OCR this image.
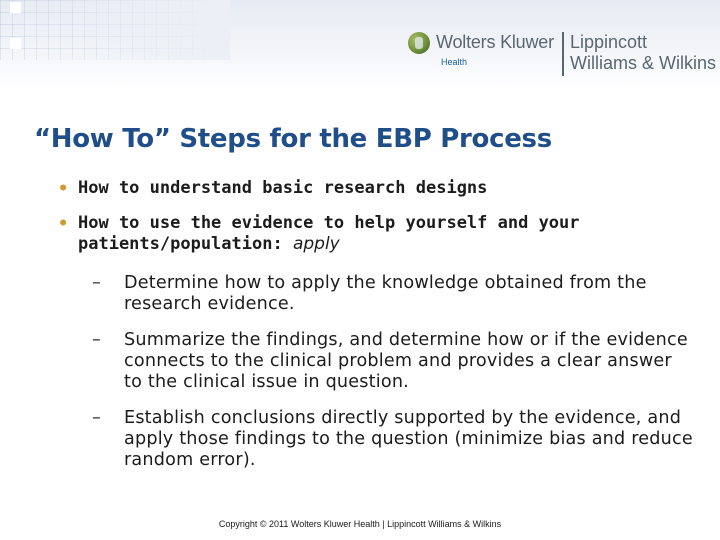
Wolters Kluwer
Health
Lippincott
Williams & Wilkins
“How To” Steps for the EBP Process
• How to understand basic research designs
• How to use the evidence to help yourself and your patients/population: apply
– Determine how to apply the knowledge obtained from the research evidence.
– Summarize the findings, and determine how or if the evidence connects to the clinical problem and provides a clear answer to the clinical issue in question.
– Establish conclusions directly supported by the evidence, and apply those findings to the question (minimize bias and reduce random error).
Copyright © 2011 Wolters Kluwer Health | Lippincott Williams & Wilkins
